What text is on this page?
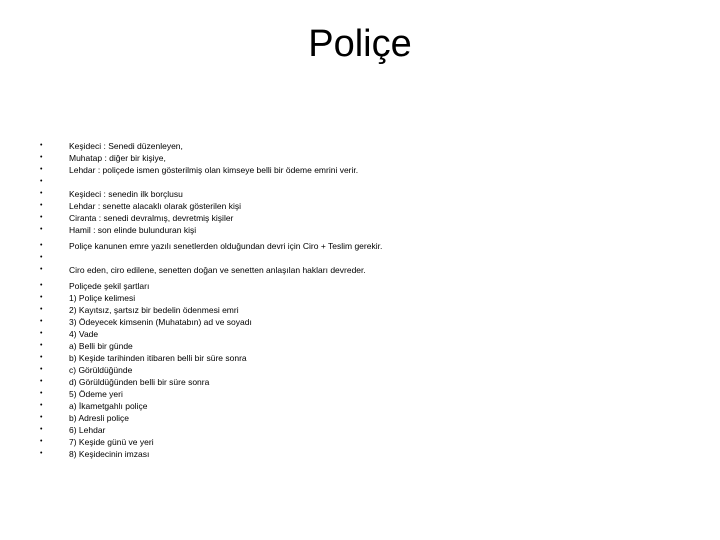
Poliçe
• Keşideci : Senedi düzenleyen,
• Muhatap : diğer bir kişiye,
• Lehdar : poliçede ismen gösterilmiş olan kimseye belli bir ödeme emrini verir.
•
• Keşideci : senedin ilk borçlusu
• Lehdar : senette alacaklı olarak gösterilen kişi
• Ciranta : senedi devralmış, devretmiş kişiler
• Hamil : son elinde bulunduran kişi
• Poliçe kanunen emre yazılı senetlerden olduğundan devri için Ciro + Teslim gerekir.
•
• Ciro eden, ciro edilene, senetten doğan ve senetten anlaşılan hakları devreder.
• Poliçede şekil şartları
• 1) Poliçe kelimesi
• 2) Kayıtsız, şartsız bir bedelin ödenmesi emri
• 3) Ödeyecek kimsenin (Muhatabın) ad ve soyadı
• 4) Vade
• a) Belli bir günde
• b) Keşide tarihinden itibaren belli bir süre sonra
• c) Görüldüğünde
• d) Görüldüğünden belli bir süre sonra
• 5) Ödeme yeri
• a) İkametgahlı poliçe
• b) Adresli poliçe
• 6) Lehdar
• 7) Keşide günü ve yeri
• 8) Keşidecinin imzası
